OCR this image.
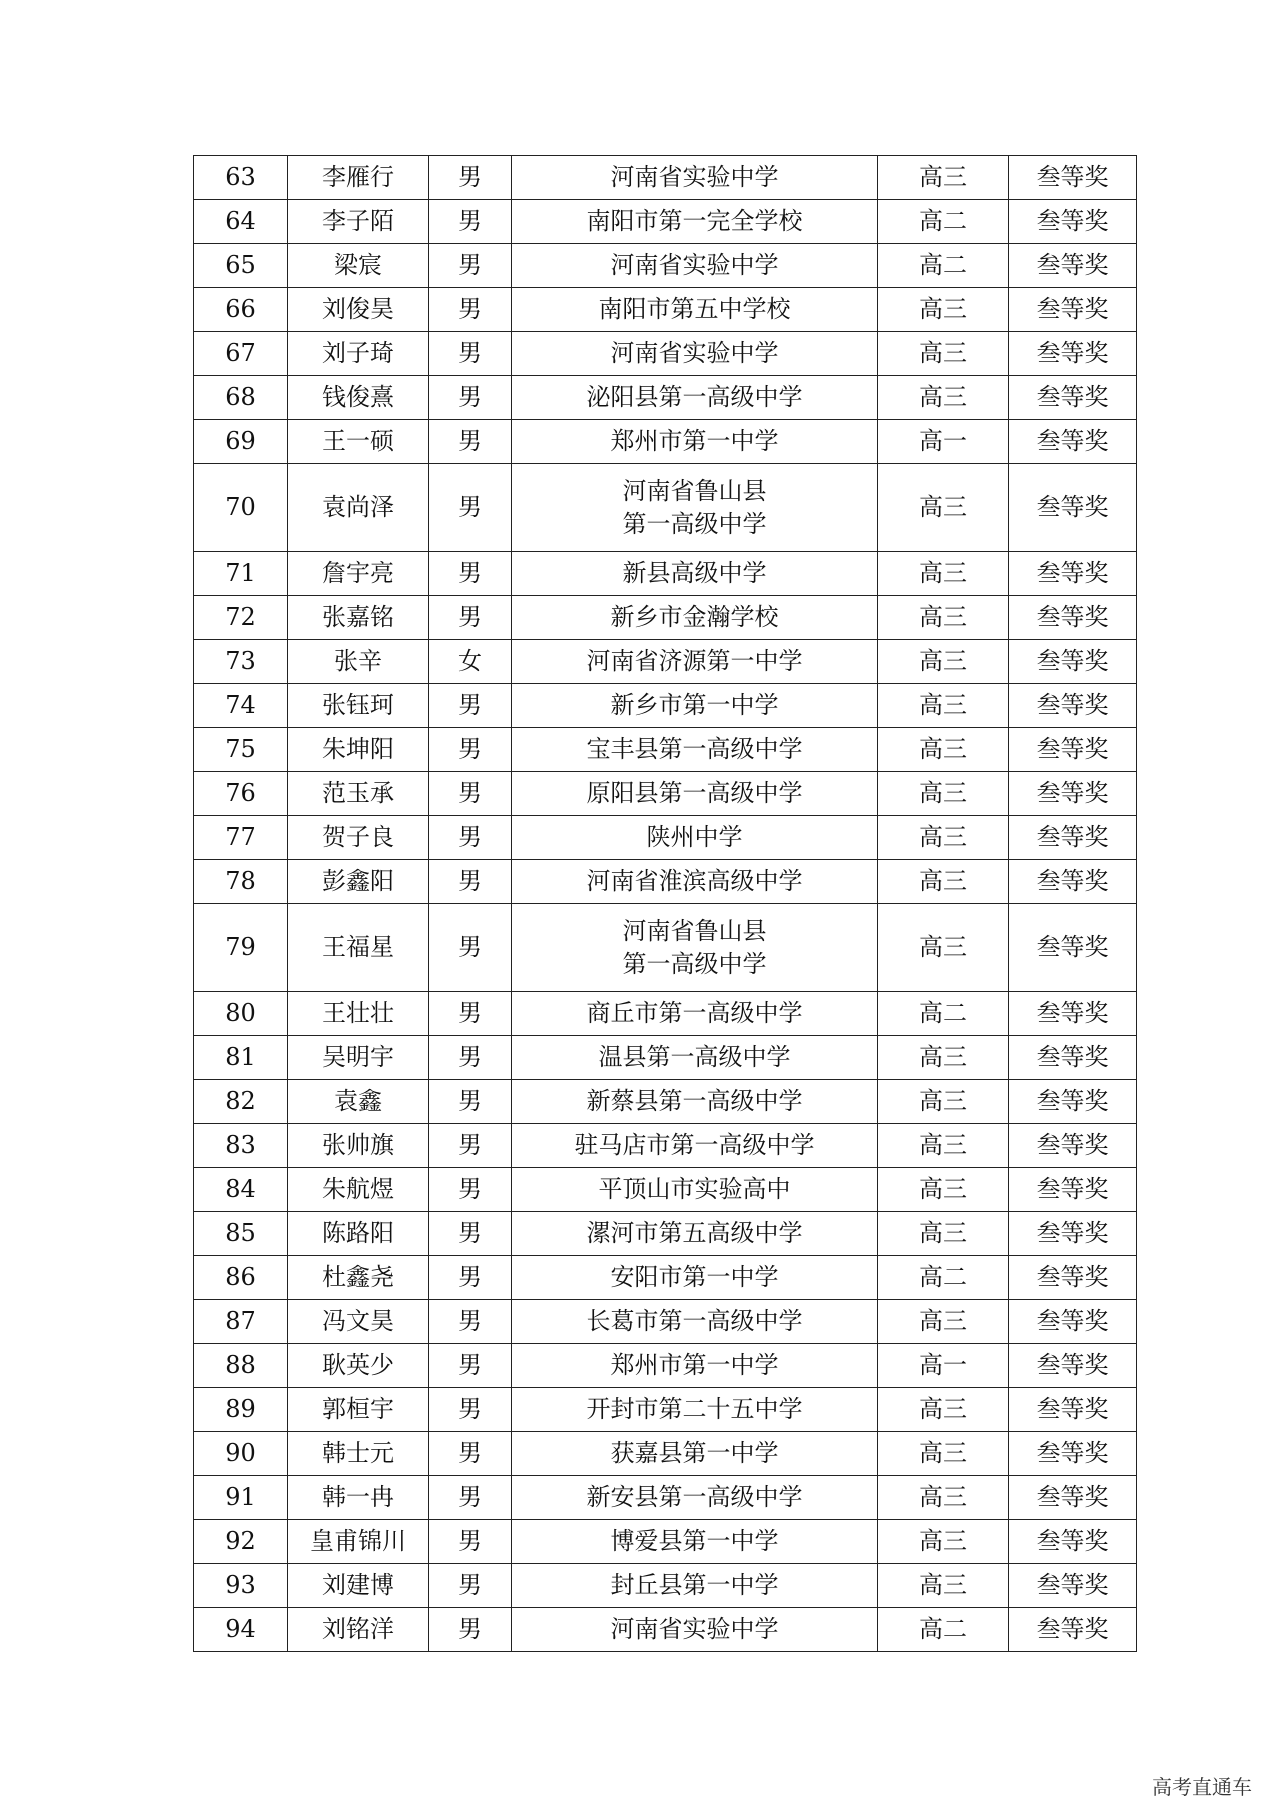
63	李雁行	男	河南省实验中学	高三	叁等奖
64	李子陌	男	南阳市第一完全学校	高二	叁等奖
65	梁宸	男	河南省实验中学	高二	叁等奖
66	刘俊昊	男	南阳市第五中学校	高三	叁等奖
67	刘子琦	男	河南省实验中学	高三	叁等奖
68	钱俊熹	男	泌阳县第一高级中学	高三	叁等奖
69	王一硕	男	郑州市第一中学	高一	叁等奖
70	袁尚泽	男	河南省鲁山县
第一高级中学	高三	叁等奖
71	詹宇亮	男	新县高级中学	高三	叁等奖
72	张嘉铭	男	新乡市金瀚学校	高三	叁等奖
73	张辛	女	河南省济源第一中学	高三	叁等奖
74	张钰珂	男	新乡市第一中学	高三	叁等奖
75	朱坤阳	男	宝丰县第一高级中学	高三	叁等奖
76	范玉承	男	原阳县第一高级中学	高三	叁等奖
77	贺子良	男	陕州中学	高三	叁等奖
78	彭鑫阳	男	河南省淮滨高级中学	高三	叁等奖
79	王福星	男	河南省鲁山县
第一高级中学	高三	叁等奖
80	王壮壮	男	商丘市第一高级中学	高二	叁等奖
81	吴明宇	男	温县第一高级中学	高三	叁等奖
82	袁鑫	男	新蔡县第一高级中学	高三	叁等奖
83	张帅旗	男	驻马店市第一高级中学	高三	叁等奖
84	朱航煜	男	平顶山市实验高中	高三	叁等奖
85	陈路阳	男	漯河市第五高级中学	高三	叁等奖
86	杜鑫尧	男	安阳市第一中学	高二	叁等奖
87	冯文昊	男	长葛市第一高级中学	高三	叁等奖
88	耿英少	男	郑州市第一中学	高一	叁等奖
89	郭桓宇	男	开封市第二十五中学	高三	叁等奖
90	韩士元	男	获嘉县第一中学	高三	叁等奖
91	韩一冉	男	新安县第一高级中学	高三	叁等奖
92	皇甫锦川	男	博爱县第一中学	高三	叁等奖
93	刘建博	男	封丘县第一中学	高三	叁等奖
94	刘铭洋	男	河南省实验中学	高二	叁等奖
高考直通车
